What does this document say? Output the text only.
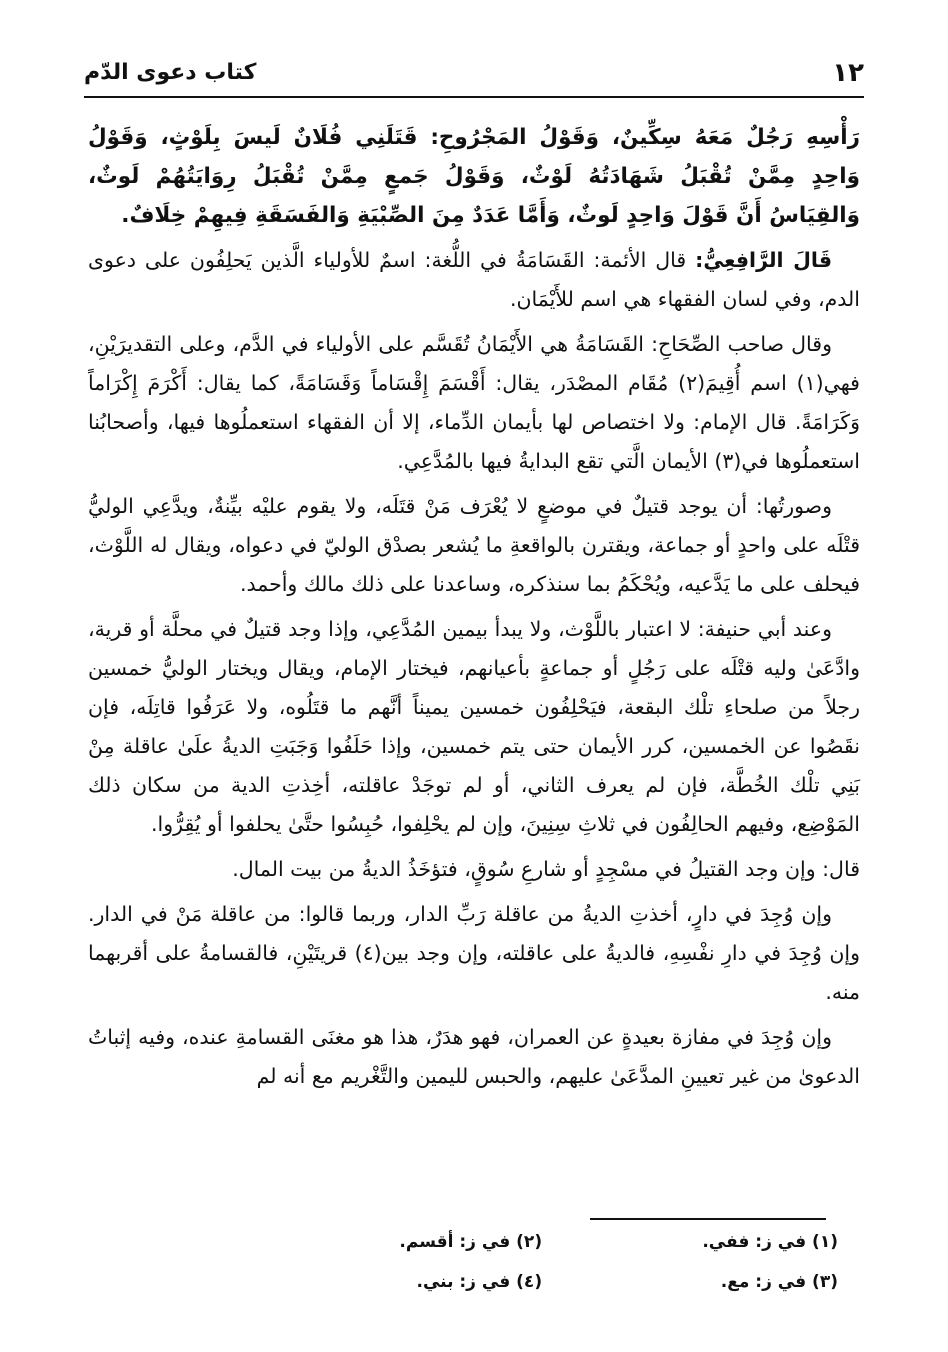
١٢
كتاب دعوى الدّم

رَأْسِهِ رَجُلٌ مَعَهُ سِكِّينٌ، وَقَوْلُ المَجْرُوحِ: قَتَلَنِي فُلَانٌ لَيسَ بِلَوْثٍ، وَقَوْلُ وَاحِدٍ مِمَّنْ تُقْبَلُ شَهَادَتُهُ لَوْثٌ، وَقَوْلُ جَمعٍ مِمَّنْ تُقْبَلُ رِوَايَتُهُمْ لَوثٌ، وَالقِيَاسُ أَنَّ قَوْلَ وَاحِدٍ لَوثٌ، وَأَمَّا عَدَدٌ مِنَ الصِّبْيَةِ وَالفَسَقَةِ فِيهِمْ خِلَافٌ.

قَالَ الرَّافِعِيُّ: قال الأئمة: القَسَامَةُ في اللُّغة: اسمٌ للأولياء الَّذين يَحلِفُون على دعوى الدم، وفي لسان الفقهاء هي اسم للأَيْمَان.

وقال صاحب الصِّحَاحِ: القَسَامَةُ هي الأَيْمَانُ تُقَسَّم على الأولياء في الدَّم، وعلى التقديرَيْنِ، فهي(١) اسم أُقِيمَ(٢) مُقَام المصْدَر، يقال: أَقْسَمَ إِقْسَاماً وَقَسَامَةً، كما يقال: أَكْرَمَ إِكْرَاماً وَكَرَامَةً. قال الإمام: ولا اختصاص لها بأيمان الدِّماء، إلا أن الفقهاء استعملُوها فيها، وأصحابُنا استعملُوها في(٣) الأيمان الَّتي تقع البدايةُ فيها بالمُدَّعِي.

وصورتُها: أن يوجد قتيلٌ في موضعٍ لا يُعْرَف مَنْ قتَلَه، ولا يقوم عليْه بيِّنةٌ، ويدَّعِي الوليُّ قتْلَه على واحدٍ أو جماعة، ويقترن بالواقعةِ ما يُشعر بصدْق الوليّ في دعواه، ويقال له اللَّوْث، فيحلف على ما يَدَّعيه، ويُحْكَمُ بما سنذكره، وساعدنا على ذلك مالك وأحمد.

وعند أبي حنيفة: لا اعتبار باللَّوْث، ولا يبدأ بيمين المُدَّعِي، وإذا وجد قتيلٌ في محلَّة أو قرية، وادَّعَىٰ وليه قتْلَه على رَجُلٍ أو جماعةٍ بأعيانهم، فيختار الإمام، ويقال ويختار الوليُّ خمسين رجلاً من صلحاءِ تلْك البقعة، فيَحْلِفُون خمسين يميناً أنَّهم ما قتَلُوه، ولا عَرَفُوا قاتِلَه، فإن نقَصُوا عن الخمسين، كرر الأيمان حتى يتم خمسين، وإذا حَلَفُوا وَجَبَتِ الديةُ علَىٰ عاقلة مِنْ بَنِي تلْك الخُطَّة، فإن لم يعرف الثاني، أو لم توجَدْ عاقلته، أخِذتِ الدية من سكان ذلك المَوْضِع، وفيهم الحالِفُون في ثلاثِ سِنِينَ، وإن لم يحْلِفوا، حُبِسُوا حتَّىٰ يحلفوا أو يُقِرُّوا.

قال: وإن وجد القتيلُ في مسْجِدٍ أو شارعِ سُوقٍ، فتؤخَذُ الديةُ من بيت المال.

وإن وُجِدَ في دارٍ، أخذتِ الديةُ من عاقلة رَبِّ الدار، وربما قالوا: من عاقلة مَنْ في الدار. وإن وُجِدَ في دارِ نفْسِهِ، فالديةُ على عاقلته، وإن وجد بين(٤) قريتَيْنِ، فالقسامةُ على أقربهما منه.

وإن وُجِدَ في مفازة بعيدةٍ عن العمران، فهو هدَرٌ، هذا هو مغنَى القسامةِ عنده، وفيه إثباتُ الدعوىٰ من غير تعيينِ المدَّعَىٰ عليهم، والحبس لليمين والتَّغْريم مع أنه لم

(١) في ز: ففي.
(٢) في ز: أقسم.
(٣) في ز: مع.
(٤) في ز: بني.
